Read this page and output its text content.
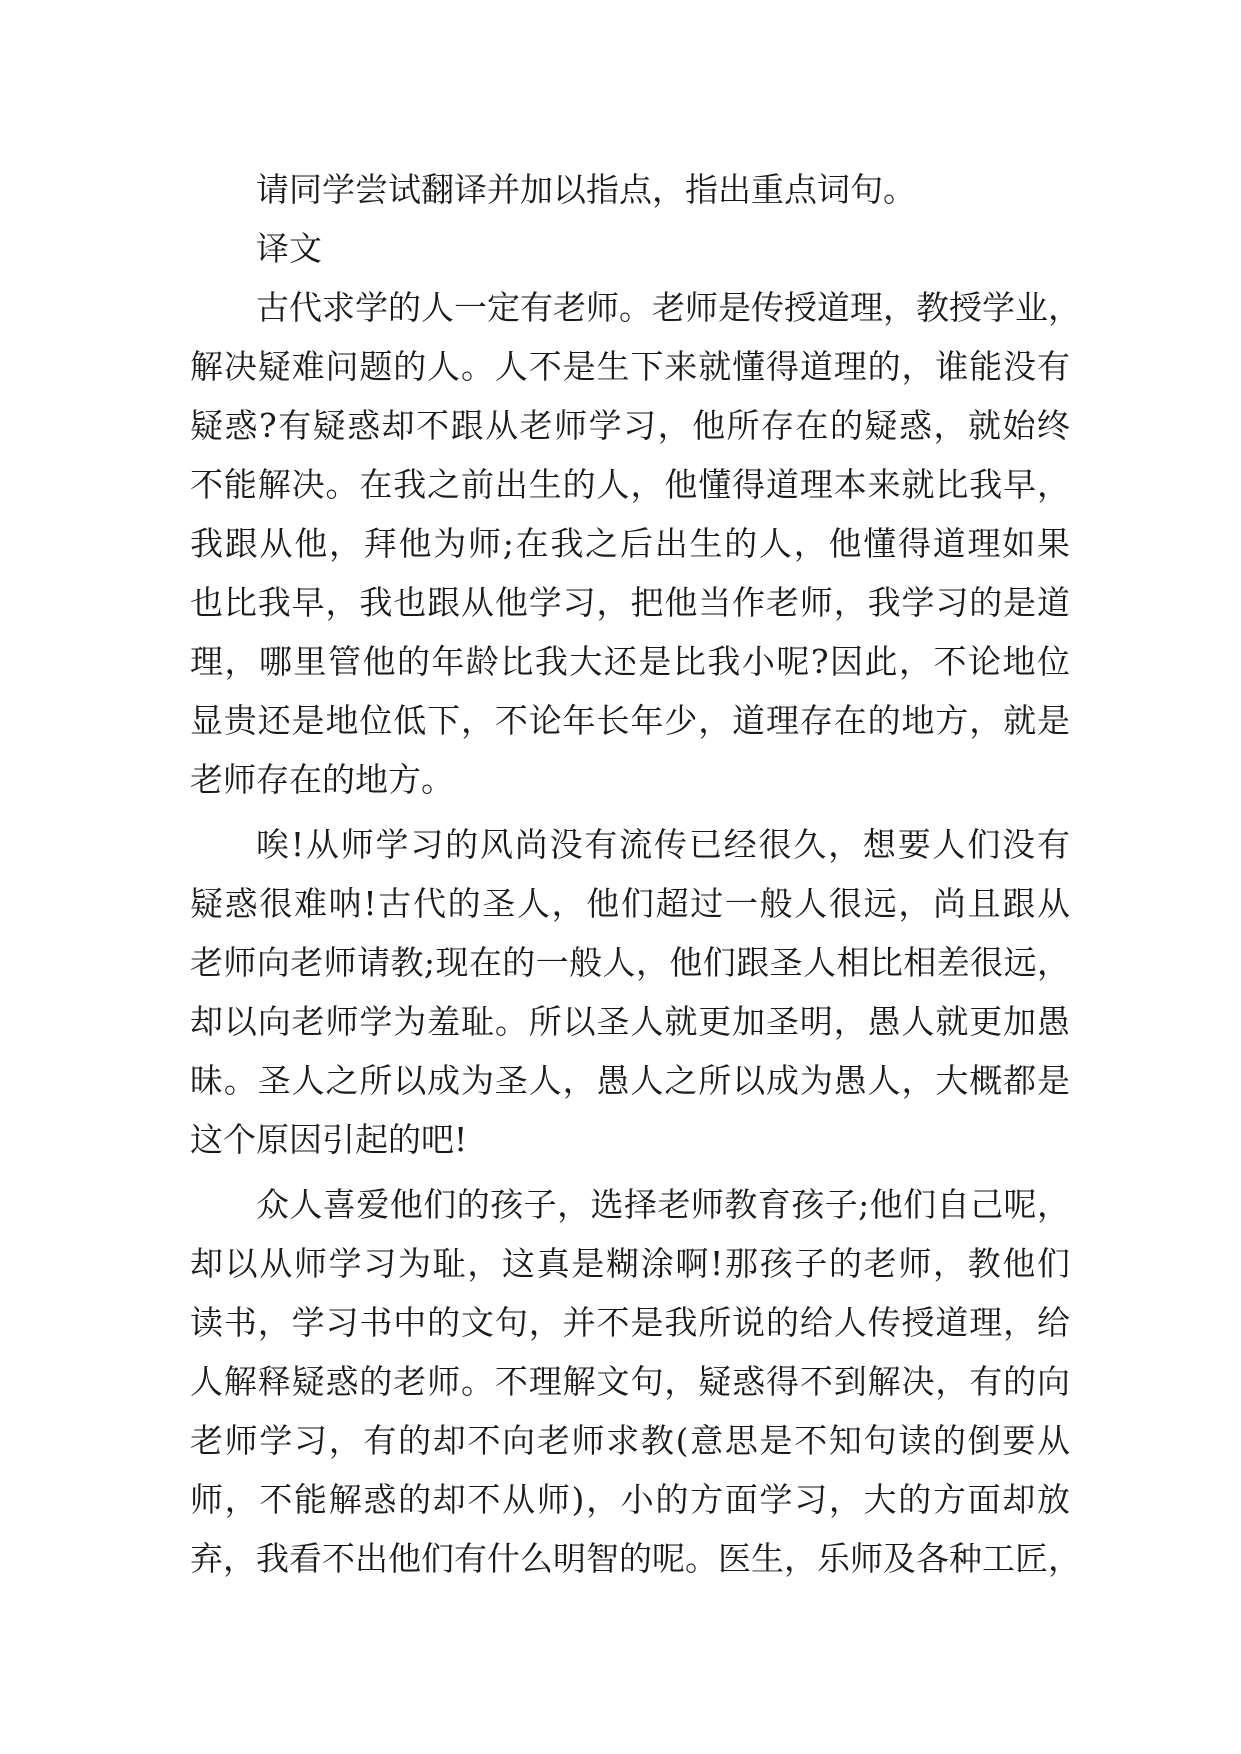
请同学尝试翻译并加以指点，指出重点词句。
译文
古代求学的人一定有老师。老师是传授道理，教授学业，
解决疑难问题的人。人不是生下来就懂得道理的，谁能没有
疑惑?有疑惑却不跟从老师学习，他所存在的疑惑，就始终
不能解决。在我之前出生的人，他懂得道理本来就比我早，
我跟从他，拜他为师;在我之后出生的人，他懂得道理如果
也比我早，我也跟从他学习，把他当作老师，我学习的是道
理，哪里管他的年龄比我大还是比我小呢?因此，不论地位
显贵还是地位低下，不论年长年少，道理存在的地方，就是
老师存在的地方。
唉!从师学习的风尚没有流传已经很久，想要人们没有
疑惑很难呐!古代的圣人，他们超过一般人很远，尚且跟从
老师向老师请教;现在的一般人，他们跟圣人相比相差很远，
却以向老师学为羞耻。所以圣人就更加圣明，愚人就更加愚
昧。圣人之所以成为圣人，愚人之所以成为愚人，大概都是
这个原因引起的吧!
众人喜爱他们的孩子，选择老师教育孩子;他们自己呢，
却以从师学习为耻，这真是糊涂啊!那孩子的老师，教他们
读书，学习书中的文句，并不是我所说的给人传授道理，给
人解释疑惑的老师。不理解文句，疑惑得不到解决，有的向
老师学习，有的却不向老师求教(意思是不知句读的倒要从
师，不能解惑的却不从师)，小的方面学习，大的方面却放
弃，我看不出他们有什么明智的呢。医生，乐师及各种工匠，
